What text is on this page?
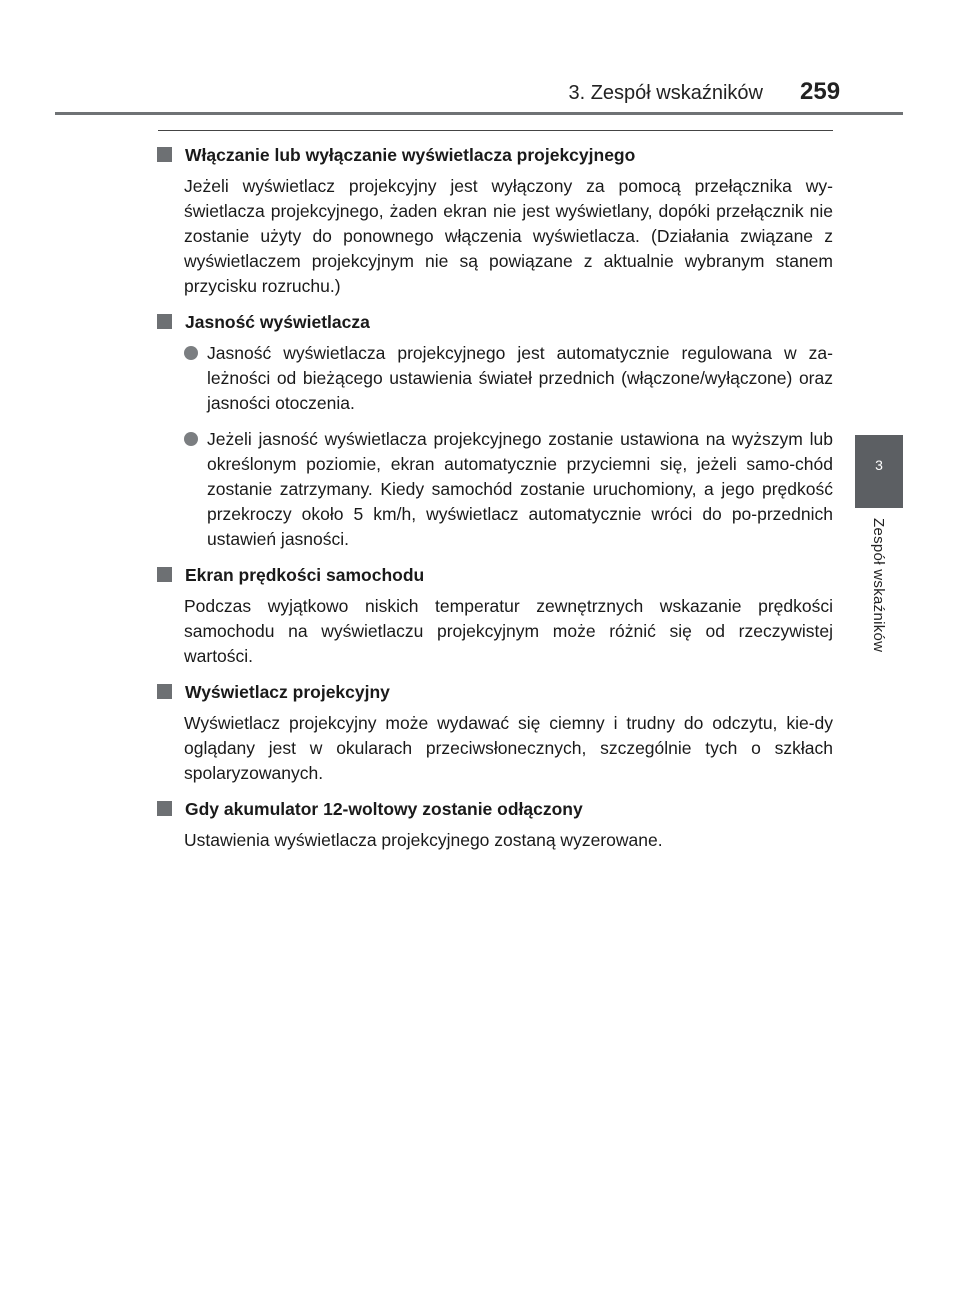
3. Zespół wskaźników 259
3
Zespół wskaźników
Włączanie lub wyłączanie wyświetlacza projekcyjnego

Jeżeli wyświetlacz projekcyjny jest wyłączony za pomocą przełącznika wy-świetlacza projekcyjnego, żaden ekran nie jest wyświetlany, dopóki przełącznik nie zostanie użyty do ponownego włączenia wyświetlacza. (Działania związane z wyświetlaczem projekcyjnym nie są powiązane z aktualnie wybranym stanem przycisku rozruchu.)

Jasność wyświetlacza
Jasność wyświetlacza projekcyjnego jest automatycznie regulowana w za-leżności od bieżącego ustawienia świateł przednich (włączone/wyłączone) oraz jasności otoczenia.
Jeżeli jasność wyświetlacza projekcyjnego zostanie ustawiona na wyższym lub określonym poziomie, ekran automatycznie przyciemni się, jeżeli samo-chód zostanie zatrzymany. Kiedy samochód zostanie uruchomiony, a jego prędkość przekroczy około 5 km/h, wyświetlacz automatycznie wróci do po-przednich ustawień jasności.
Ekran prędkości samochodu

Podczas wyjątkowo niskich temperatur zewnętrznych wskazanie prędkości samochodu na wyświetlaczu projekcyjnym może różnić się od rzeczywistej wartości.

Wyświetlacz projekcyjny

Wyświetlacz projekcyjny może wydawać się ciemny i trudny do odczytu, kie-dy oglądany jest w okularach przeciwsłonecznych, szczególnie tych o szkłach spolaryzowanych.

Gdy akumulator 12-woltowy zostanie odłączony

Ustawienia wyświetlacza projekcyjnego zostaną wyzerowane.
